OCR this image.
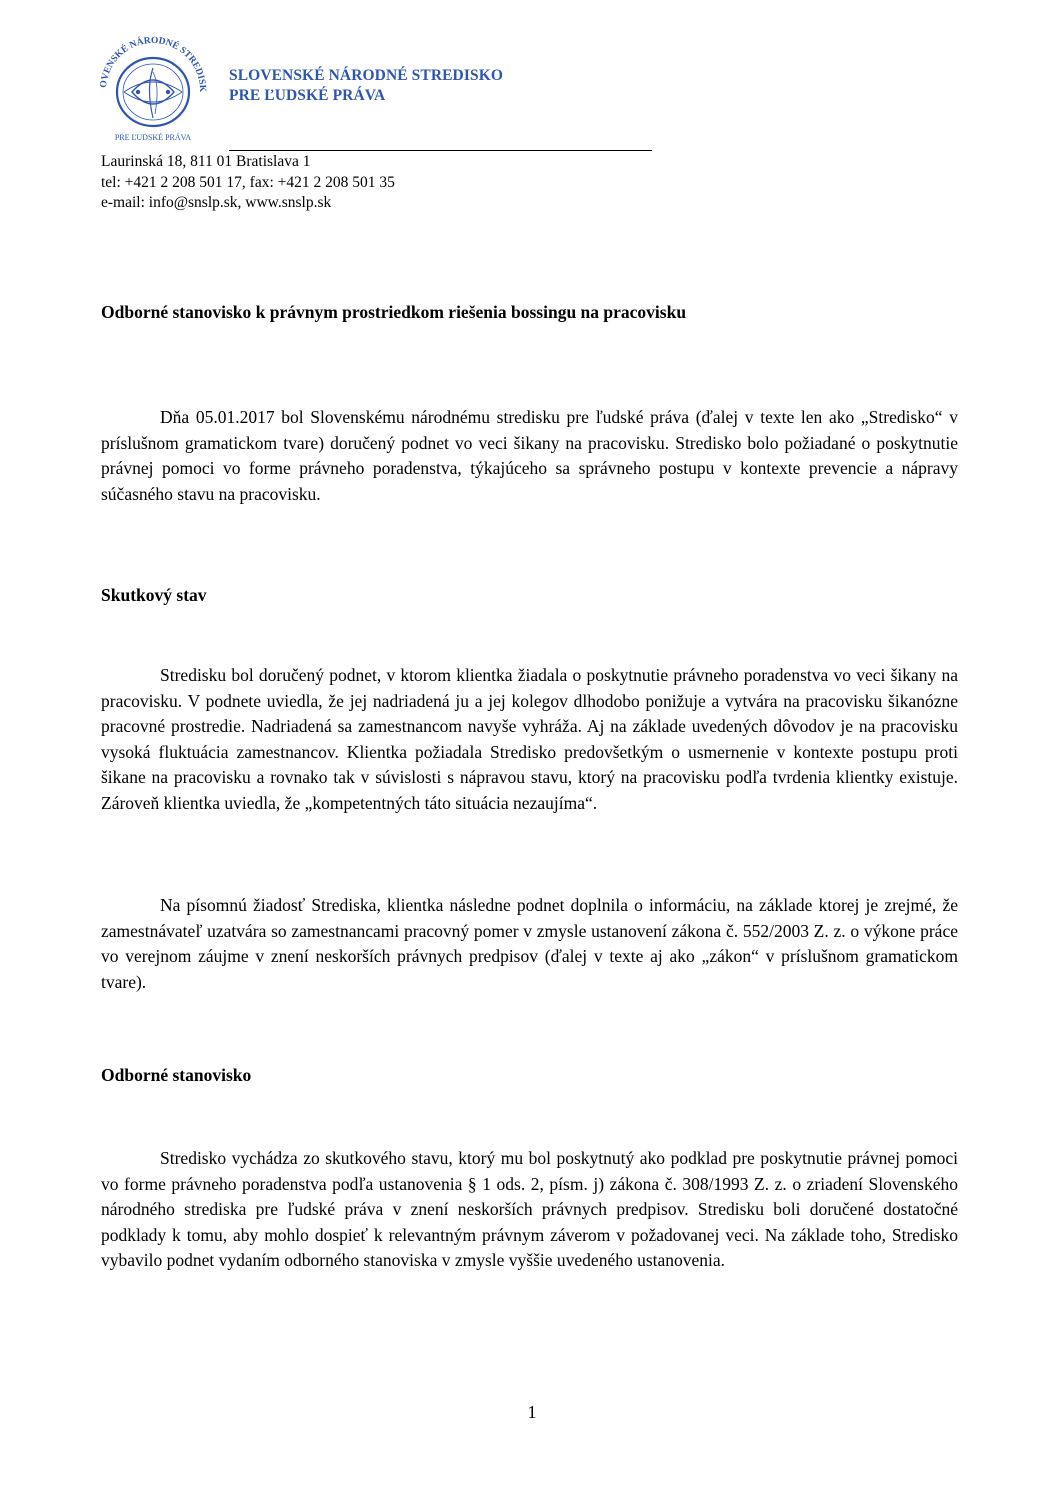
OVENSKÉ NÁRODNÉ STREDISK
PRE ĽUDSKÉ PRÁVA
SLOVENSKÉ NÁRODNÉ STREDISKO
PRE ĽUDSKÉ PRÁVA
Laurinská 18, 811 01 Bratislava 1
tel: +421 2 208 501 17, fax: +421 2 208 501 35
e-mail: info@snslp.sk, www.snslp.sk
Odborné stanovisko k právnym prostriedkom riešenia bossingu na pracovisku

Dňa 05.01.2017 bol Slovenskému národnému stredisku pre ľudské práva (ďalej v texte len ako „Stredisko“ v príslušnom gramatickom tvare) doručený podnet vo veci šikany na pracovisku. Stredisko bolo požiadané o poskytnutie právnej pomoci vo forme právneho poradenstva, týkajúceho sa správneho postupu v kontexte prevencie a nápravy súčasného stavu na pracovisku.

Skutkový stav

Stredisku bol doručený podnet, v ktorom klientka žiadala o poskytnutie právneho poradenstva vo veci šikany na pracovisku. V podnete uviedla, že jej nadriadená ju a jej kolegov dlhodobo ponižuje a vytvára na pracovisku šikanózne pracovné prostredie. Nadriadená sa zamestnancom navyše vyhráža. Aj na základe uvedených dôvodov je na pracovisku vysoká fluktuácia zamestnancov. Klientka požiadala Stredisko predovšetkým o usmernenie v kontexte postupu proti šikane na pracovisku a rovnako tak v súvislosti s nápravou stavu, ktorý na pracovisku podľa tvrdenia klientky existuje. Zároveň klientka uviedla, že „kompetentných táto situácia nezaujíma“.

Na písomnú žiadosť Strediska, klientka následne podnet doplnila o informáciu, na základe ktorej je zrejmé, že zamestnávateľ uzatvára so zamestnancami pracovný pomer v zmysle ustanovení zákona č. 552/2003 Z. z. o výkone práce vo verejnom záujme v znení neskorších právnych predpisov (ďalej v texte aj ako „zákon“ v príslušnom gramatickom tvare).

Odborné stanovisko

Stredisko vychádza zo skutkového stavu, ktorý mu bol poskytnutý ako podklad pre poskytnutie právnej pomoci vo forme právneho poradenstva podľa ustanovenia § 1 ods. 2, písm. j) zákona č. 308/1993 Z. z. o zriadení Slovenského národného strediska pre ľudské práva v znení neskorších právnych predpisov. Stredisku boli doručené dostatočné podklady k tomu, aby mohlo dospieť k relevantným právnym záverom v požadovanej veci. Na základe toho, Stredisko vybavilo podnet vydaním odborného stanoviska v zmysle vyššie uvedeného ustanovenia.

1
